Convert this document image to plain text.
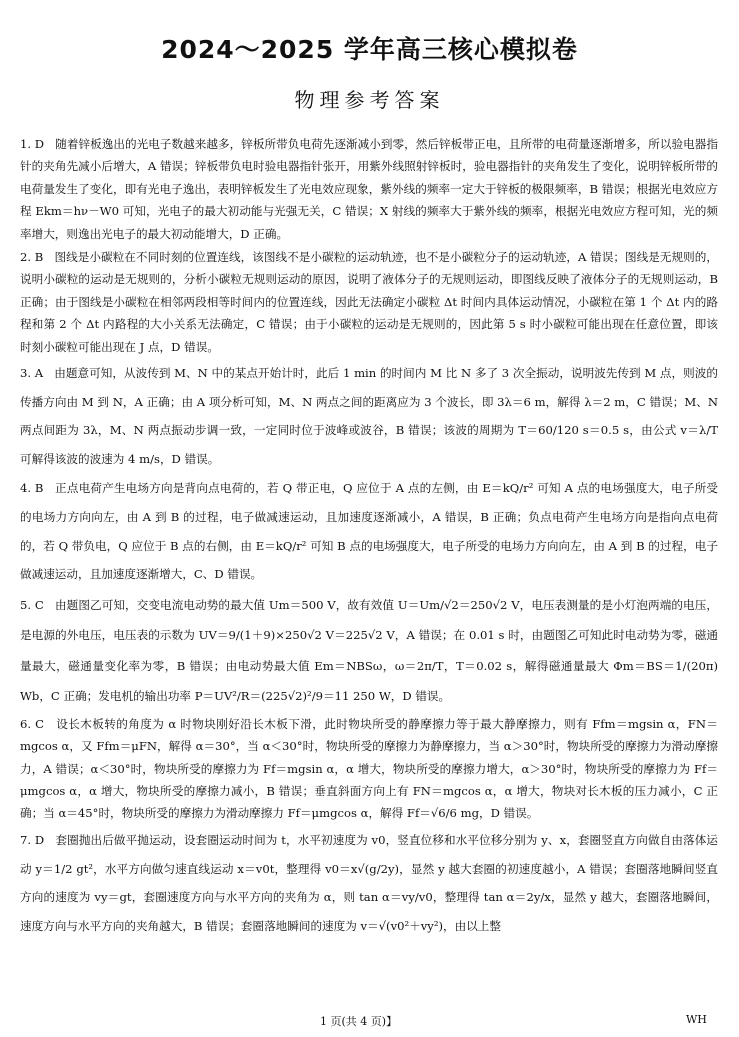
2024～2025 学年高三核心模拟卷
物理参考答案
1. D 随着锌板逸出的光电子数越来越多，锌板所带负电荷先逐渐减小到零，然后锌板带正电，且所带的电荷量逐渐增多，所以验电器指针的夹角先减小后增大，A 错误；锌板带负电时验电器指针张开，用紫外线照射锌板时，验电器指针的夹角发生了变化，说明锌板所带的电荷量发生了变化，即有光电子逸出，表明锌板发生了光电效应现象，紫外线的频率一定大于锌板的极限频率，B 错误；根据光电效应方程 Ekm＝hν－W0 可知，光电子的最大初动能与光强无关，C 错误；X 射线的频率大于紫外线的频率，根据光电效应方程可知，光的频率增大，则逸出光电子的最大初动能增大，D 正确。
2. B 图线是小碳粒在不同时刻的位置连线，该图线不是小碳粒的运动轨迹，也不是小碳粒分子的运动轨迹，A 错误；图线是无规则的，说明小碳粒的运动是无规则的，分析小碳粒无规则运动的原因，说明了液体分子的无规则运动，即图线反映了液体分子的无规则运动，B 正确；由于图线是小碳粒在相邻两段相等时间内的位置连线，因此无法确定小碳粒 Δt 时间内具体运动情况，小碳粒在第 1 个 Δt 内的路程和第 2 个 Δt 内路程的大小关系无法确定，C 错误；由于小碳粒的运动是无规则的，因此第 5 s 时小碳粒可能出现在任意位置，即该时刻小碳粒可能出现在 J 点，D 错误。
3. A 由题意可知，从波传到 M、N 中的某点开始计时，此后 1 min 的时间内 M 比 N 多了 3 次全振动，说明波先传到 M 点，则波的传播方向由 M 到 N，A 正确；由 A 项分析可知，M、N 两点之间的距离应为 3 个波长，即 3λ＝6 m，解得 λ＝2 m，C 错误；M、N 两点间距为 3λ，M、N 两点振动步调一致，一定同时位于波峰或波谷，B 错误；该波的周期为 T＝60/120 s＝0.5 s，由公式 v＝λ/T 可解得该波的波速为 4 m/s，D 错误。
4. B 正点电荷产生电场方向是背向点电荷的，若 Q 带正电，Q 应位于 A 点的左侧，由 E＝kQ/r² 可知 A 点的电场强度大，电子所受的电场力方向向左，由 A 到 B 的过程，电子做减速运动，且加速度逐渐减小，A 错误，B 正确；负点电荷产生电场方向是指向点电荷的，若 Q 带负电，Q 应位于 B 点的右侧，由 E＝kQ/r² 可知 B 点的电场强度大，电子所受的电场力方向向左，由 A 到 B 的过程，电子做减速运动，且加速度逐渐增大，C、D 错误。
5. C 由题图乙可知，交变电流电动势的最大值 Um＝500 V，故有效值 U＝Um/√2＝250√2 V，电压表测量的是小灯泡两端的电压，是电源的外电压，电压表的示数为 UV＝9/(1＋9)×250√2 V＝225√2 V，A 错误；在 0.01 s 时，由题图乙可知此时电动势为零，磁通量最大，磁通量变化率为零，B 错误；由电动势最大值 Em＝NBSω，ω＝2π/T，T＝0.02 s，解得磁通量最大 Φm＝BS＝1/(20π) Wb，C 正确；发电机的输出功率 P＝UV²/R＝(225√2)²/9＝11 250 W，D 错误。
6. C 设长木板转的角度为 α 时物块刚好沿长木板下滑，此时物块所受的静摩擦力等于最大静摩擦力，则有 Ffm＝mgsin α，FN＝mgcos α，又 Ffm＝μFN，解得 α＝30°，当 α＜30°时，物块所受的摩擦力为静摩擦力，当 α＞30°时，物块所受的摩擦力为滑动摩擦力，A 错误；α＜30°时，物块所受的摩擦力为 Ff＝mgsin α，α 增大，物块所受的摩擦力增大，α＞30°时，物块所受的摩擦力为 Ff＝μmgcos α，α 增大，物块所受的摩擦力减小，B 错误；垂直斜面方向上有 FN＝mgcos α，α 增大，物块对长木板的压力减小，C 正确；当 α＝45°时，物块所受的摩擦力为滑动摩擦力 Ff＝μmgcos α，解得 Ff＝√6/6 mg，D 错误。
7. D 套圈抛出后做平抛运动，设套圈运动时间为 t，水平初速度为 v0，竖直位移和水平位移分别为 y、x，套圈竖直方向做自由落体运动 y＝1/2 gt²，水平方向做匀速直线运动 x＝v0t，整理得 v0＝x√(g/2y)，显然 y 越大套圈的初速度越小，A 错误；套圈落地瞬间竖直方向的速度为 vy＝gt，套圈速度方向与水平方向的夹角为 α，则 tan α＝vy/v0，整理得 tan α＝2y/x，显然 y 越大，套圈落地瞬间，速度方向与水平方向的夹角越大，B 错误；套圈落地瞬间的速度为 v＝√(v0²＋vy²)，由以上整
1 页(共 4 页)】	WH
